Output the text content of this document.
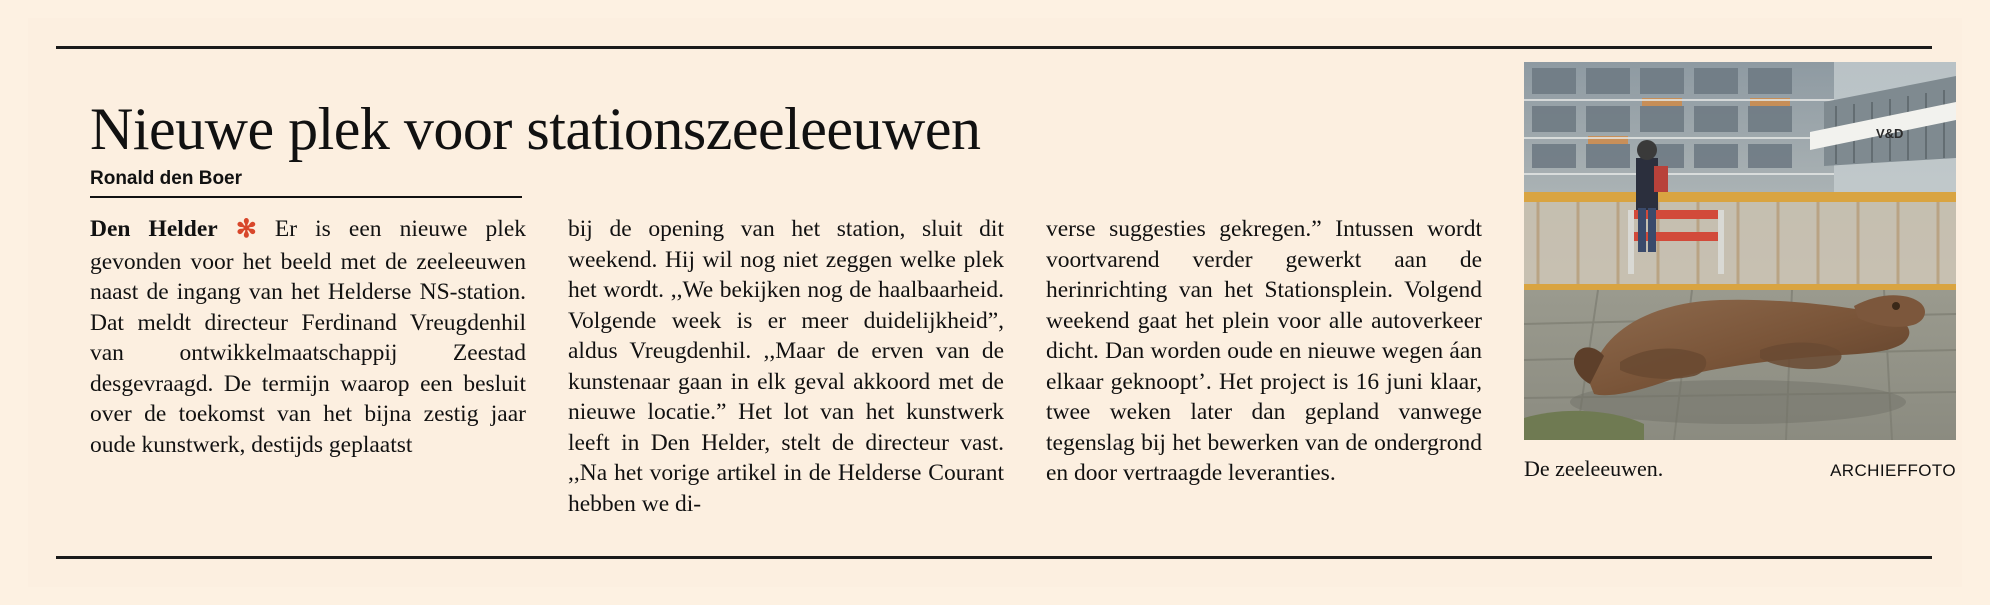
Nieuwe plek voor stationszeeleeuwen
Ronald den Boer

Den Helder ✻ Er is een nieuwe plek gevonden voor het beeld met de zeeleeuwen naast de ingang van het Helderse NS-station. Dat meldt directeur Ferdinand Vreugdenhil van ontwikkelmaatschappij Zeestad desgevraagd. De termijn waarop een besluit over de toekomst van het bijna zestig jaar oude kunstwerk, destijds geplaatst

bij de opening van het station, sluit dit weekend. Hij wil nog niet zeggen welke plek het wordt. ,,We bekijken nog de haalbaarheid. Volgende week is er meer duidelijkheid”, aldus Vreugdenhil. ,,Maar de erven van de kunstenaar gaan in elk geval akkoord met de nieuwe locatie.” Het lot van het kunstwerk leeft in Den Helder, stelt de directeur vast. ,,Na het vorige artikel in de Helderse Courant hebben we di-

verse suggesties gekregen.” Intussen wordt voortvarend verder gewerkt aan de herinrichting van het Stationsplein. Volgend weekend gaat het plein voor alle autoverkeer dicht. Dan worden oude en nieuwe wegen áan elkaar geknoopt’. Het project is 16 juni klaar, twee weken later dan gepland vanwege tegenslag bij het bewerken van de ondergrond en door vertraagde leveranties.

V&D
De zeeleeuwen.	ARCHIEFFOTO
